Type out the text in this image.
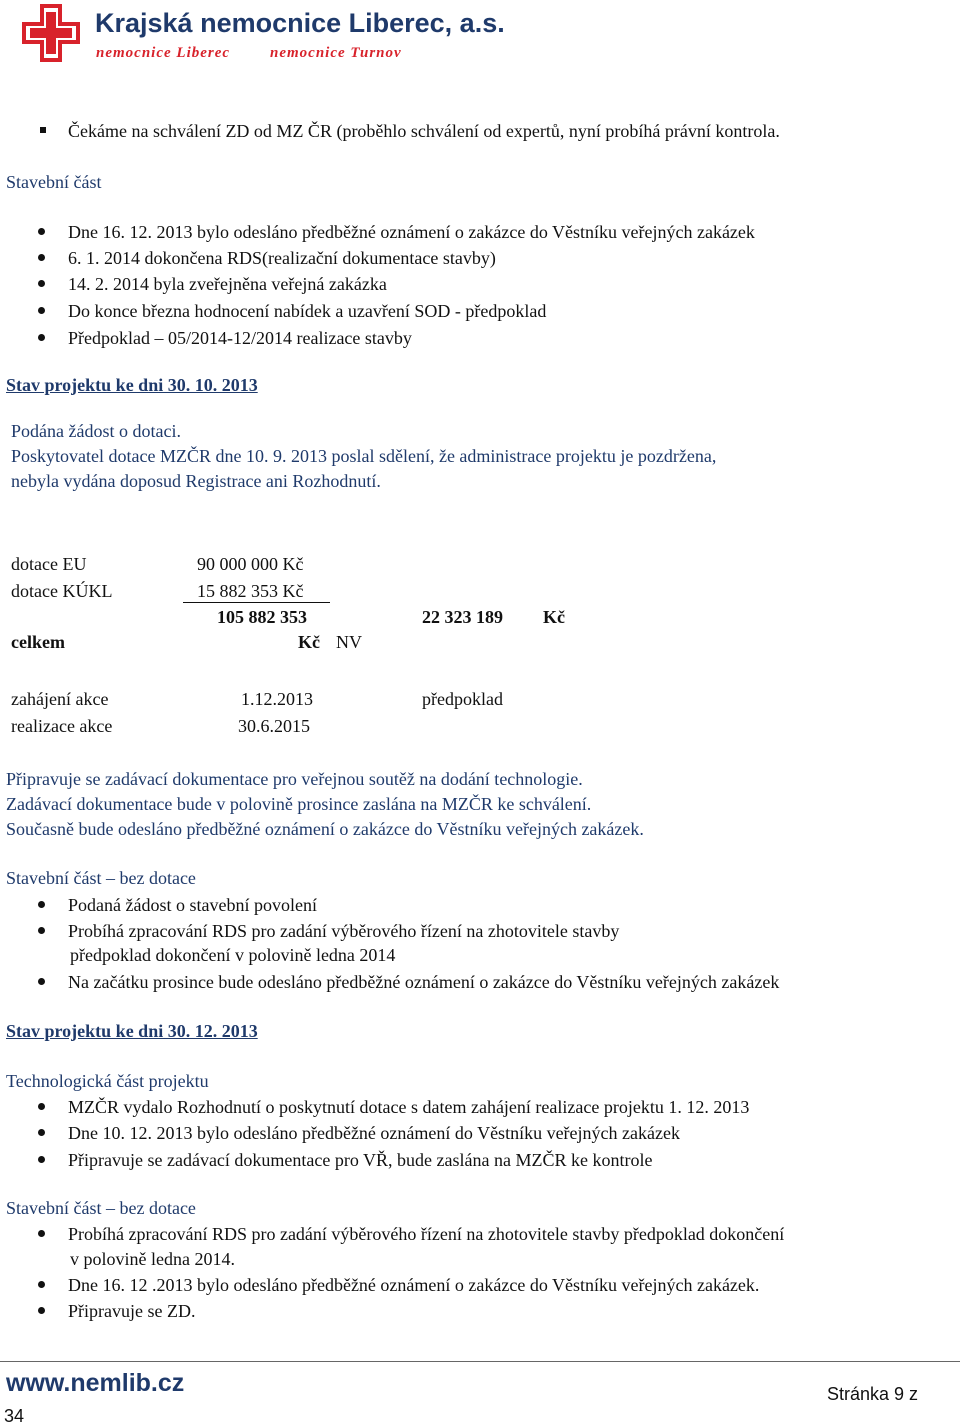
Krajská nemocnice Liberec, a.s.
nemocnice Liberec	nemocnice Turnov
Čekáme na schválení ZD od MZ ČR (proběhlo schválení od expertů, nyní probíhá právní kontrola.
Stavební část
Dne 16. 12. 2013 bylo odesláno předběžné oznámení o zakázce do Věstníku veřejných zakázek
6. 1. 2014 dokončena RDS(realizační dokumentace stavby)
14. 2. 2014 byla zveřejněna veřejná zakázka
Do konce března hodnocení nabídek a uzavření SOD - předpoklad
Předpoklad – 05/2014-12/2014 realizace stavby
Stav projektu ke dni 30. 10. 2013
Podána žádost o dotaci.
Poskytovatel dotace MZČR dne 10. 9. 2013 poslal sdělení, že administrace projektu je pozdržena,
nebyla vydána doposud Registrace ani Rozhodnutí.
dotace EU	90 000 000 Kč
dotace KÚKL	15 882 353 Kč
105 882 353	22 323 189 Kč
celkem	Kč NV
zahájení akce	1.12.2013	předpoklad
realizace akce	30.6.2015
Připravuje se zadávací dokumentace pro veřejnou soutěž na dodání technologie.
Zadávací dokumentace bude v polovině prosince zaslána na MZČR ke schválení.
Současně bude odesláno předběžné oznámení o zakázce do Věstníku veřejných zakázek.
Stavební část – bez dotace
Podaná žádost o stavební povolení
Probíhá zpracování RDS pro zadání výběrového řízení na zhotovitele stavby
předpoklad dokončení v polovině ledna 2014
Na začátku prosince bude odesláno předběžné oznámení o zakázce do Věstníku veřejných zakázek
Stav projektu ke dni 30. 12. 2013
Technologická část projektu
MZČR vydalo Rozhodnutí o poskytnutí dotace s datem zahájení realizace projektu 1. 12. 2013
Dne 10. 12. 2013 bylo odesláno předběžné oznámení do Věstníku veřejných zakázek
Připravuje se zadávací dokumentace pro VŘ, bude zaslána na MZČR ke kontrole
Stavební část – bez dotace
Probíhá zpracování RDS pro zadání výběrového řízení na zhotovitele stavby předpoklad dokončení
v polovině ledna 2014.
Dne 16. 12 .2013 bylo odesláno předběžné oznámení o zakázce do Věstníku veřejných zakázek.
Připravuje se ZD.
www.nemlib.cz	Stránka 9 z
34
